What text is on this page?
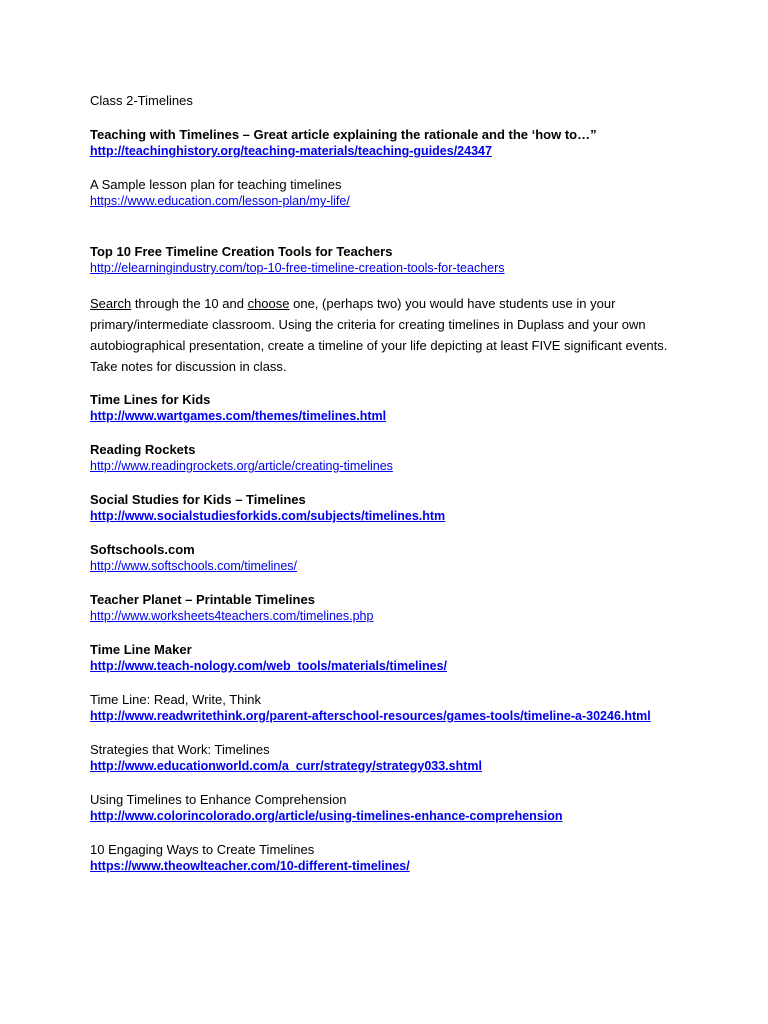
Class 2-Timelines
Teaching with Timelines – Great article explaining the rationale and the ‘how to…”
http://teachinghistory.org/teaching-materials/teaching-guides/24347
A Sample lesson plan for teaching timelines
https://www.education.com/lesson-plan/my-life/
Top 10 Free Timeline Creation Tools for Teachers
http://elearningindustry.com/top-10-free-timeline-creation-tools-for-teachers
Search through the 10 and choose one, (perhaps two) you would have students use in your primary/intermediate classroom. Using the criteria for creating timelines in Duplass and your own autobiographical presentation, create a timeline of your life depicting at least FIVE significant events. Take notes for discussion in class.
Time Lines for Kids
http://www.wartgames.com/themes/timelines.html
Reading Rockets
http://www.readingrockets.org/article/creating-timelines
Social Studies for Kids – Timelines
http://www.socialstudiesforkids.com/subjects/timelines.htm
Softschools.com
http://www.softschools.com/timelines/
Teacher Planet – Printable Timelines
http://www.worksheets4teachers.com/timelines.php
Time Line Maker
http://www.teach-nology.com/web_tools/materials/timelines/
Time Line: Read, Write, Think
http://www.readwritethink.org/parent-afterschool-resources/games-tools/timeline-a-30246.html
Strategies that Work: Timelines
http://www.educationworld.com/a_curr/strategy/strategy033.shtml
Using Timelines to Enhance Comprehension
http://www.colorincolorado.org/article/using-timelines-enhance-comprehension
10 Engaging Ways to Create Timelines
https://www.theowlteacher.com/10-different-timelines/
